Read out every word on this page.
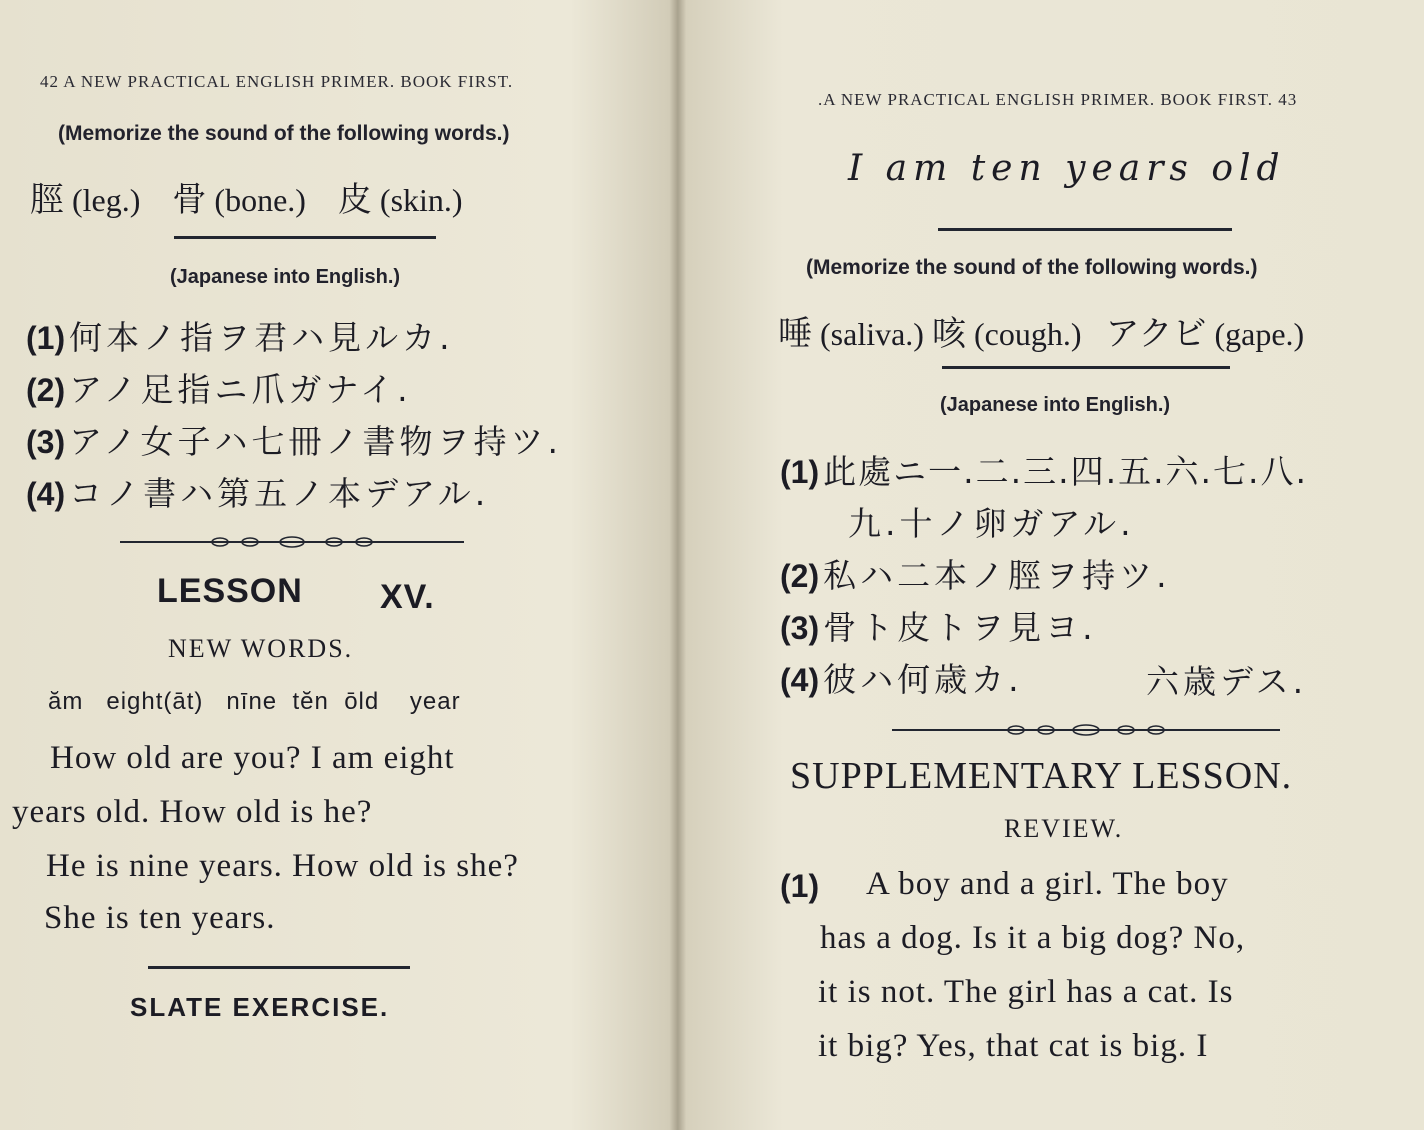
42 A NEW PRACTICAL ENGLISH PRIMER. BOOK FIRST.
(Memorize the sound of the following words.)
脛 (leg.) 骨 (bone.) 皮 (skin.)
(Japanese into English.)
(1) 何本ノ指ヲ君ハ見ルカ.
(2) アノ足指ニ爪ガナイ.
(3) アノ女子ハ七冊ノ書物ヲ持ツ.
(4) コノ書ハ第五ノ本デアル.
LESSON XV.
NEW WORDS.
ăm eight(āt) nīne tĕn ōld year
How old are you? I am eight
years old. How old is he?
He is nine years. How old is she?
She is ten years.
SLATE EXERCISE.
.A NEW PRACTICAL ENGLISH PRIMER. BOOK FIRST. 43
I am ten years old
(Memorize the sound of the following words.)
唾 (saliva.) 咳 (cough.) アクビ (gape.)
(Japanese into English.)
(1) 此處ニ一.二.三.四.五.六.七.八.
九.十ノ卵ガアル.
(2) 私ハ二本ノ脛ヲ持ツ.
(3) 骨ト皮トヲ見ヨ.
(4) 彼ハ何歳カ.	六歳デス.
SUPPLEMENTARY LESSON.
REVIEW.
(1) A boy and a girl. The boy
has a dog. Is it a big dog? No,
it is not. The girl has a cat. Is
it big? Yes, that cat is big. I
